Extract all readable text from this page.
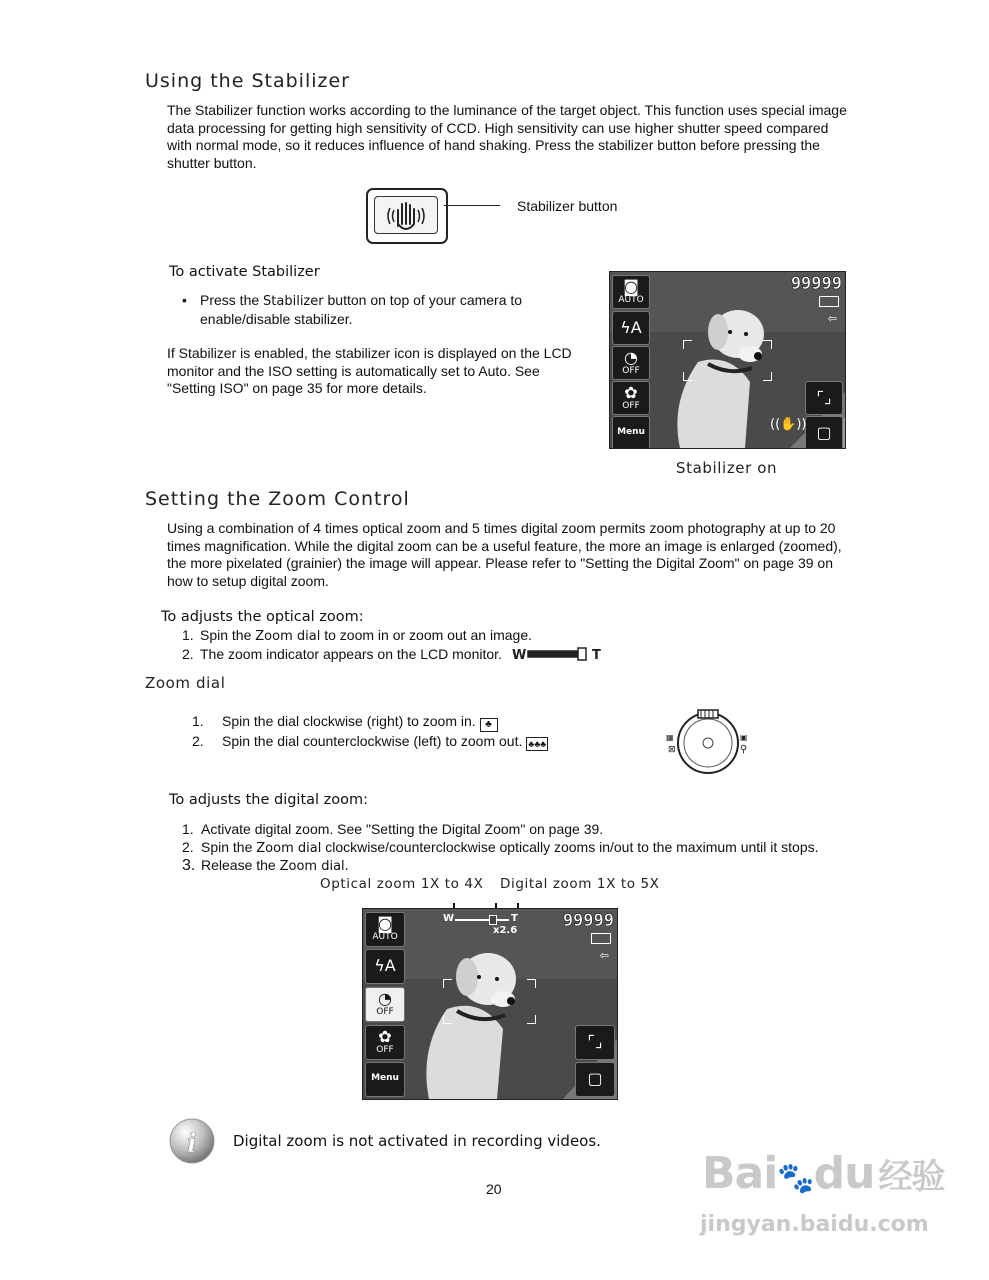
Using the Stabilizer
The Stabilizer function works according to the luminance of the target object. This function uses special image data processing for getting high sensitivity of CCD. High sensitivity can use higher shutter speed compared with normal mode, so it reduces influence of hand shaking. Press the stabilizer button before pressing the shutter button.
Stabilizer button
To activate Stabilizer
• Press the Stabilizer button on top of your camera to enable/disable stabilizer.
If Stabilizer is enabled, the stabilizer icon is displayed on the LCD monitor and the ISO setting is automatically set to Auto. See "Setting ISO" on page 35 for more details.
99999
⇦
◙
AUTO
ϟA
◔
OFF
✿
OFF
Menu
⌜⌟
▢
((✋))
Stabilizer on
Setting the Zoom Control
Using a combination of 4 times optical zoom and 5 times digital zoom permits zoom photography at up to 20 times magnification. While the digital zoom can be a useful feature, the more an image is enlarged (zoomed), the more pixelated (grainier) the image will appear. Please refer to "Setting the Digital Zoom" on page 39 on how to setup digital zoom.
To adjusts the optical zoom:
1. Spin the Zoom dial to zoom in or zoom out an image.
2. The zoom indicator appears on the LCD monitor. W	T
Zoom dial
1. Spin the dial clockwise (right) to zoom in. ♣
2. Spin the dial counterclockwise (left) to zoom out. ♣♣♣
▦
⊠
▣
⚲
To adjusts the digital zoom:
1. Activate digital zoom. See "Setting the Digital Zoom" on page 39.
2. Spin the Zoom dial clockwise/counterclockwise optically zooms in/out to the maximum until it stops.
3. Release the Zoom dial.
Optical zoom 1X to 4X Digital zoom 1X to 5X
W	T
x2.6	99999
⇦
◙
AUTO
ϟA
◔
OFF
✿
OFF
Menu
⌜⌟
▢
i Digital zoom is not activated in recording videos.
20	Bai🐾du 经验
jingyan.baidu.com
